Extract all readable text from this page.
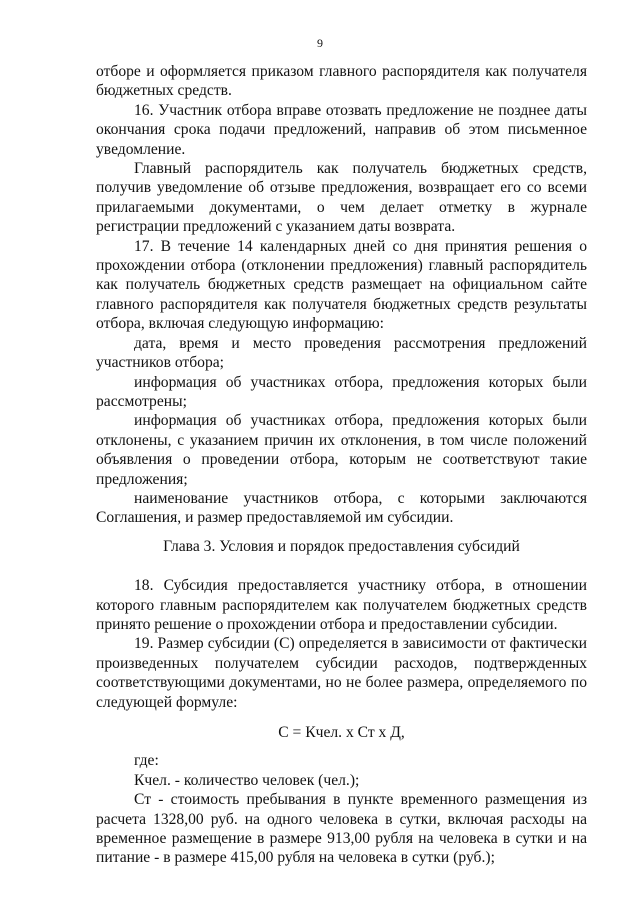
9

отборе и оформляется приказом главного распорядителя как получателя бюджетных средств.

16. Участник отбора вправе отозвать предложение не позднее даты окончания срока подачи предложений, направив об этом письменное уведомление.

Главный распорядитель как получатель бюджетных средств, получив уведомление об отзыве предложения, возвращает его со всеми прилагаемыми документами, о чем делает отметку в журнале регистрации предложений с указанием даты возврата.

17. В течение 14 календарных дней со дня принятия решения о прохождении отбора (отклонении предложения) главный распорядитель как получатель бюджетных средств размещает на официальном сайте главного распорядителя как получателя бюджетных средств результаты отбора, включая следующую информацию:

дата, время и место проведения рассмотрения предложений участников отбора;

информация об участниках отбора, предложения которых были рассмотрены;

информация об участниках отбора, предложения которых были отклонены, с указанием причин их отклонения, в том числе положений объявления о проведении отбора, которым не соответствуют такие предложения;

наименование участников отбора, с которыми заключаются Соглашения, и размер предоставляемой им субсидии.

Глава 3. Условия и порядок предоставления субсидий

18. Субсидия предоставляется участнику отбора, в отношении которого главным распорядителем как получателем бюджетных средств принято решение о прохождении отбора и предоставлении субсидии.

19. Размер субсидии (С) определяется в зависимости от фактически произведенных получателем субсидии расходов, подтвержденных соответствующими документами, но не более размера, определяемого по следующей формуле:

С = Кчел. х Ст х Д,

где:

Кчел. - количество человек (чел.);

Ст - стоимость пребывания в пункте временного размещения из расчета 1328,00 руб. на одного человека в сутки, включая расходы на временное размещение в размере 913,00 рубля на человека в сутки и на питание - в размере 415,00 рубля на человека в сутки (руб.);
